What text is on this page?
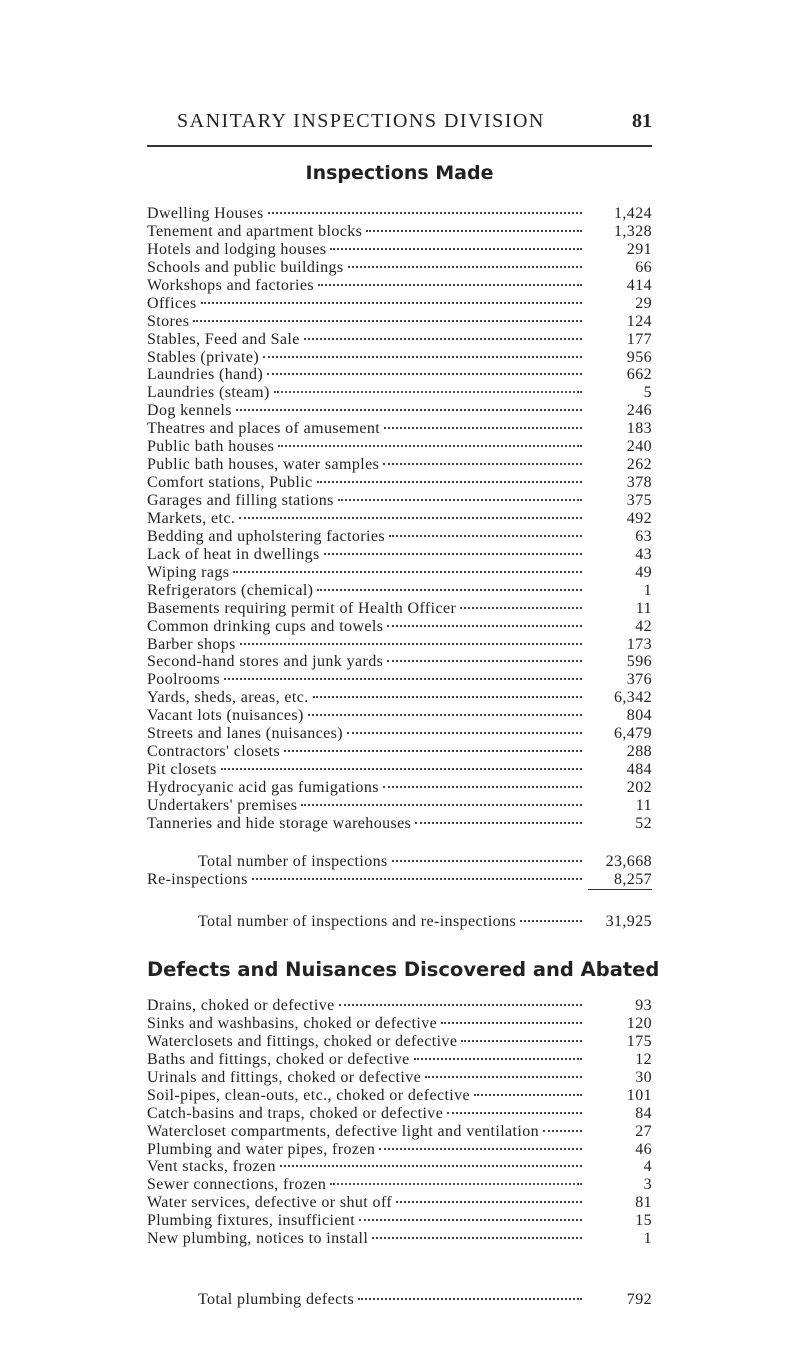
SANITARY INSPECTIONS DIVISION	81
Inspections Made
Dwelling Houses	1,424
Tenement and apartment blocks	1,328
Hotels and lodging houses	291
Schools and public buildings	66
Workshops and factories	414
Offices	29
Stores	124
Stables, Feed and Sale	177
Stables (private)	956
Laundries (hand)	662
Laundries (steam)	5
Dog kennels	246
Theatres and places of amusement	183
Public bath houses	240
Public bath houses, water samples	262
Comfort stations, Public	378
Garages and filling stations	375
Markets, etc.	492
Bedding and upholstering factories	63
Lack of heat in dwellings	43
Wiping rags	49
Refrigerators (chemical)	1
Basements requiring permit of Health Officer	11
Common drinking cups and towels	42
Barber shops	173
Second-hand stores and junk yards	596
Poolrooms	376
Yards, sheds, areas, etc.	6,342
Vacant lots (nuisances)	804
Streets and lanes (nuisances)	6,479
Contractors' closets	288
Pit closets	484
Hydrocyanic acid gas fumigations	202
Undertakers' premises	11
Tanneries and hide storage warehouses	52
Total number of inspections	23,668
Re-inspections	8,257
Total number of inspections and re-inspections	31,925
Defects and Nuisances Discovered and Abated
Drains, choked or defective	93
Sinks and washbasins, choked or defective	120
Waterclosets and fittings, choked or defective	175
Baths and fittings, choked or defective	12
Urinals and fittings, choked or defective	30
Soil-pipes, clean-outs, etc., choked or defective	101
Catch-basins and traps, choked or defective	84
Watercloset compartments, defective light and ventilation	27
Plumbing and water pipes, frozen	46
Vent stacks, frozen	4
Sewer connections, frozen	3
Water services, defective or shut off	81
Plumbing fixtures, insufficient	15
New plumbing, notices to install	1
Total plumbing defects	792
